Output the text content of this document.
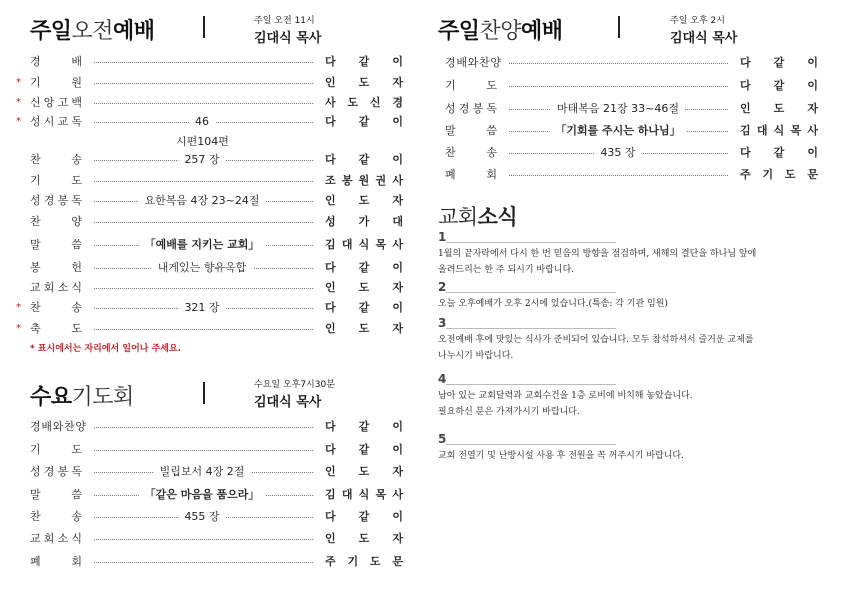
주일오전예배	주일 오전 11시
김대식 목사
경	배	다 같 이
* 기	원	인 도 자
* 신 앙 고 백	사 도 신 경
* 성 시 교 독	46	다 같 이
찬	송	257 장	다 같 이
기	도	조 봉 원 권 사
성 경 봉 독	요한복음 4장 23~24절	인 도 자
찬	양	성 가 대
말	씀	「예배를 지키는 교회」	김 대 식 목 사
봉	헌	내게있는 향유옥합	다 같 이
교 회 소 식	인 도 자
* 찬	송	321 장	다 같 이
* 축	도	인 도 자
시편104편
* 표시에서는 자리에서 일어나 주세요.
수요기도회	수요일 오후7시30분
김대식 목사
경 배 와 찬 양	다 같 이
기	도	다 같 이
성 경 봉 독	빌립보서 4장 2절	인 도 자
말	씀	「같은 마음을 품으라」	김 대 식 목 사
찬	송	455 장	다 같 이
교 회 소 식	인 도 자
폐	회	주 기 도 문
주일찬양예배	주일 오후 2시
김대식 목사
경 배 와 찬 양	다 같 이
기	도	다 같 이
성 경 봉 독	마태복음 21장 33~46절	인 도 자
말	씀	「기회를 주시는 하나님」	김 대 식 목 사
찬	송	435 장	다 같 이
폐	회	주 기 도 문
교회소식
1
1월의 끝자락에서 다시 한 번 믿음의 방향을 점검하며, 새해의 결단을 하나님 앞에
올려드리는 한 주 되시기 바랍니다.
2
오늘 오후예배가 오후 2시에 있습니다.(특송: 각 기관 임원)
3
오전예배 후에 맛있는 식사가 준비되어 있습니다. 모두 참석하셔서 즐거운 교제를
나누시기 바랍니다.
4
남아 있는 교회달력과 교회수건을 1층 로비에 비치해 놓았습니다.
필요하신 분은 가져가시기 바랍니다.
5
교회 전열기 및 난방시설 사용 후 전원을 꼭 꺼주시기 바랍니다.
